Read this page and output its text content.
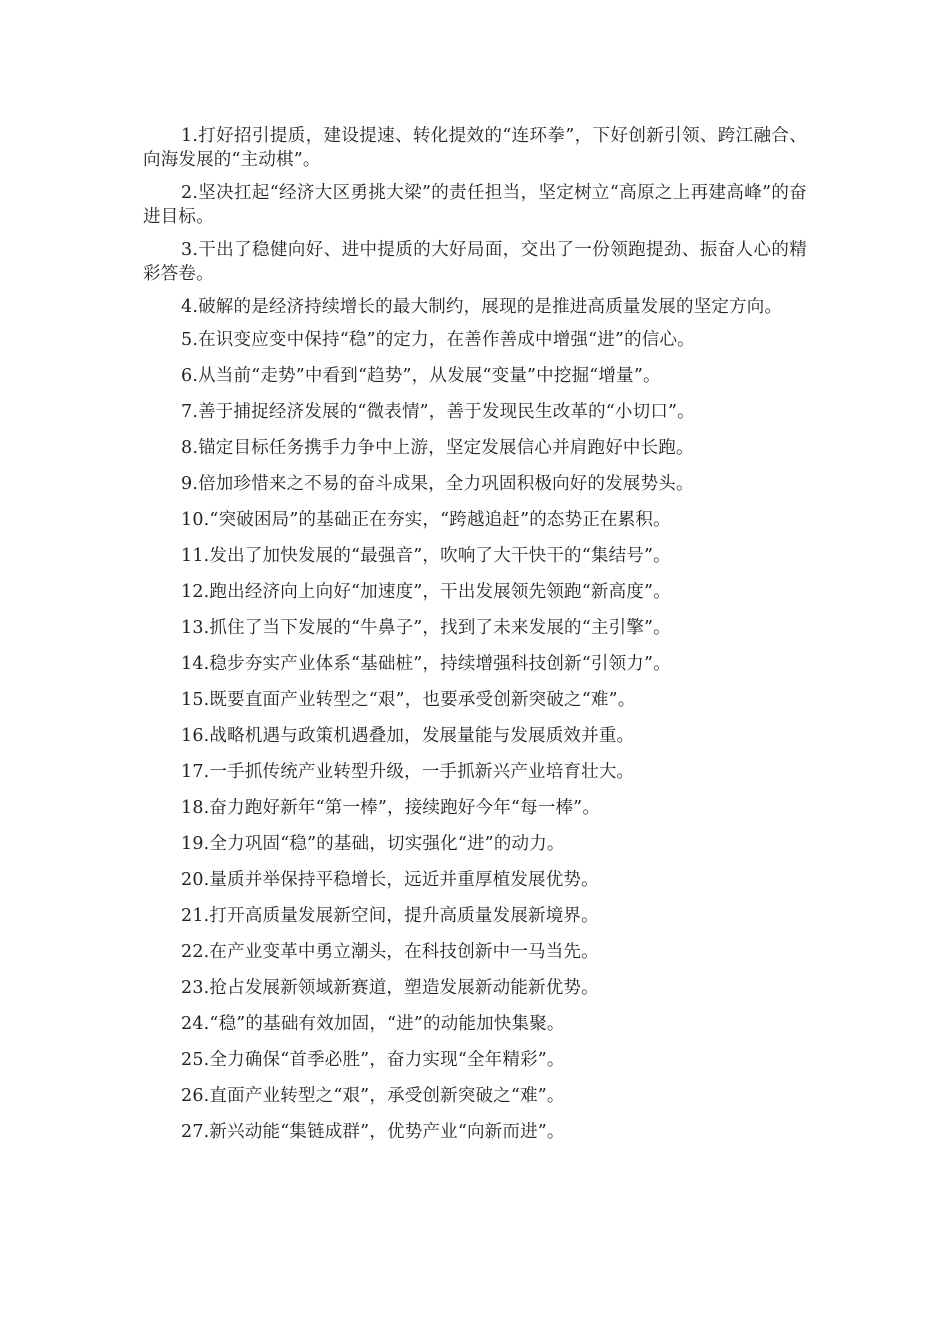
1.打好招引提质，建设提速、转化提效的“连环拳”，下好创新引领、跨江融合、向海发展的“主动棋”。

2.坚决扛起“经济大区勇挑大梁”的责任担当，坚定树立“高原之上再建高峰”的奋进目标。

3.干出了稳健向好、进中提质的大好局面，交出了一份领跑提劲、振奋人心的精彩答卷。

4.破解的是经济持续增长的最大制约，展现的是推进高质量发展的坚定方向。

5.在识变应变中保持“稳”的定力，在善作善成中增强“进”的信心。

6.从当前“走势”中看到“趋势”，从发展“变量”中挖掘“增量”。

7.善于捕捉经济发展的“微表情”，善于发现民生改革的“小切口”。

8.锚定目标任务携手力争中上游，坚定发展信心并肩跑好中长跑。

9.倍加珍惜来之不易的奋斗成果，全力巩固积极向好的发展势头。

10.“突破困局”的基础正在夯实，“跨越追赶”的态势正在累积。

11.发出了加快发展的“最强音”，吹响了大干快干的“集结号”。

12.跑出经济向上向好“加速度”，干出发展领先领跑“新高度”。

13.抓住了当下发展的“牛鼻子”，找到了未来发展的“主引擎”。

14.稳步夯实产业体系“基础桩”，持续增强科技创新“引领力”。

15.既要直面产业转型之“艰”，也要承受创新突破之“难”。

16.战略机遇与政策机遇叠加，发展量能与发展质效并重。

17.一手抓传统产业转型升级，一手抓新兴产业培育壮大。

18.奋力跑好新年“第一棒”，接续跑好今年“每一棒”。

19.全力巩固“稳”的基础，切实强化“进”的动力。

20.量质并举保持平稳增长，远近并重厚植发展优势。

21.打开高质量发展新空间，提升高质量发展新境界。

22.在产业变革中勇立潮头，在科技创新中一马当先。

23.抢占发展新领域新赛道，塑造发展新动能新优势。

24.“稳”的基础有效加固，“进”的动能加快集聚。

25.全力确保“首季必胜”，奋力实现“全年精彩”。

26.直面产业转型之“艰”，承受创新突破之“难”。

27.新兴动能“集链成群”，优势产业“向新而进”。
